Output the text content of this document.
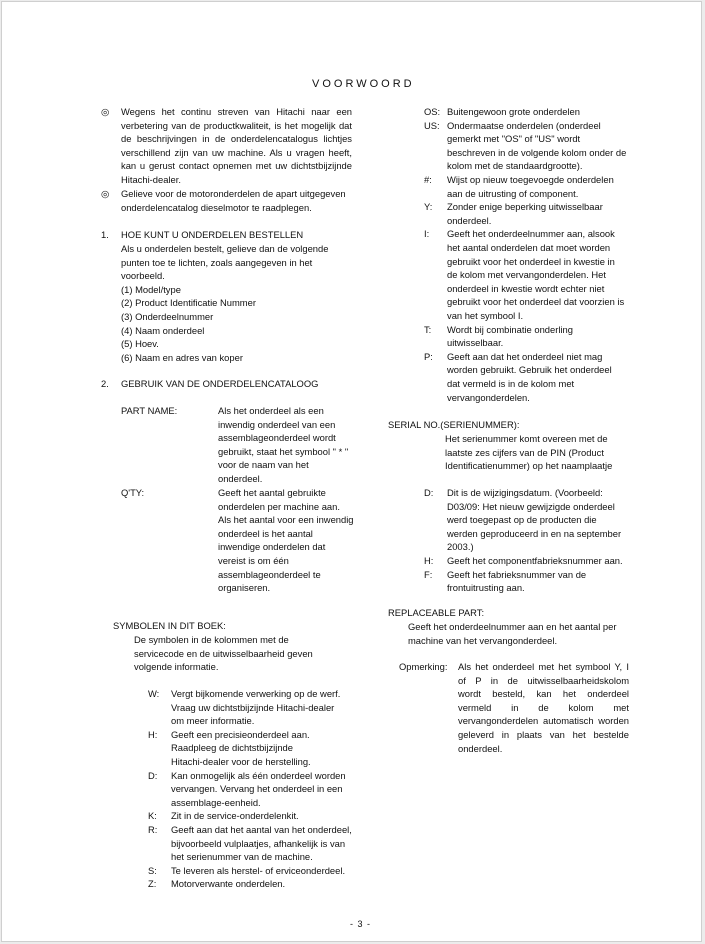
VOORWOORD
◎ Wegens het continu streven van Hitachi naar een
verbetering van de productkwaliteit, is het mogelijk dat
de beschrijvingen in de onderdelencatalogus lichtjes
verschillend zijn van uw machine. Als u vragen heeft,
kan u gerust contact opnemen met uw dichtstbijzijnde
Hitachi-dealer.
◎ Gelieve voor de motoronderdelen de apart uitgegeven
onderdelencatalog dieselmotor te raadplegen.
1. HOE KUNT U ONDERDELEN BESTELLEN
Als u onderdelen bestelt, gelieve dan de volgende
punten toe te lichten, zoals aangegeven in het
voorbeeld.
(1) Model/type
(2) Product Identificatie Nummer
(3) Onderdeelnummer
(4) Naam onderdeel
(5) Hoev.
(6) Naam en adres van koper
2. GEBRUIK VAN DE ONDERDELENCATALOOG
PART NAME:	Als het onderdeel als een
inwendig onderdeel van een
assemblageonderdeel wordt
gebruikt, staat het symbool " * "
voor de naam van het
onderdeel.
Q'TY:	Geeft het aantal gebruikte
onderdelen per machine aan.
Als het aantal voor een inwendig
onderdeel is het aantal
inwendige onderdelen dat
vereist is om één
assemblageonderdeel te
organiseren.
SYMBOLEN IN DIT BOEK:
De symbolen in de kolommen met de
servicecode en de uitwisselbaarheid geven
volgende informatie.
W: Vergt bijkomende verwerking op de werf.
Vraag uw dichtstbijzijnde Hitachi-dealer
om meer informatie.
H: Geeft een precisieonderdeel aan.
Raadpleeg de dichtstbijzijnde
Hitachi-dealer voor de herstelling.
D: Kan onmogelijk als één onderdeel worden
vervangen. Vervang het onderdeel in een
assemblage-eenheid.
K: Zit in de service-onderdelenkit.
R: Geeft aan dat het aantal van het onderdeel,
bijvoorbeeld vulplaatjes, afhankelijk is van
het serienummer van de machine.
S: Te leveren als herstel- of erviceonderdeel.
Z: Motorverwante onderdelen.
OS: Buitengewoon grote onderdelen
US: Ondermaatse onderdelen (onderdeel
gemerkt met "OS" of "US" wordt
beschreven in de volgende kolom onder de
kolom met de standaardgrootte).
#: Wijst op nieuw toegevoegde onderdelen
aan de uitrusting of component.
Y: Zonder enige beperking uitwisselbaar
onderdeel.
I: Geeft het onderdeelnummer aan, alsook
het aantal onderdelen dat moet worden
gebruikt voor het onderdeel in kwestie in
de kolom met vervangonderdelen. Het
onderdeel in kwestie wordt echter niet
gebruikt voor het onderdeel dat voorzien is
van het symbool I.
T: Wordt bij combinatie onderling
uitwisselbaar.
P: Geeft aan dat het onderdeel niet mag
worden gebruikt. Gebruik het onderdeel
dat vermeld is in de kolom met
vervangonderdelen.
SERIAL NO.(SERIENUMMER):
Het serienummer komt overeen met de
laatste zes cijfers van de PIN (Product
Identificatienummer) op het naamplaatje
D: Dit is de wijzigingsdatum. (Voorbeeld:
D03/09: Het nieuw gewijzigde onderdeel
werd toegepast op de producten die
werden geproduceerd in en na september
2003.)
H: Geeft het componentfabrieksnummer aan.
F: Geeft het fabrieksnummer van de
frontuitrusting aan.
REPLACEABLE PART:
Geeft het onderdeelnummer aan en het aantal per
machine van het vervangonderdeel.
Opmerking: Als het onderdeel met het symbool Y, I
of P in de uitwisselbaarheidskolom
wordt besteld, kan het onderdeel
vermeld in de kolom met
vervangonderdelen automatisch worden
geleverd in plaats van het bestelde
onderdeel.
- 3 -
